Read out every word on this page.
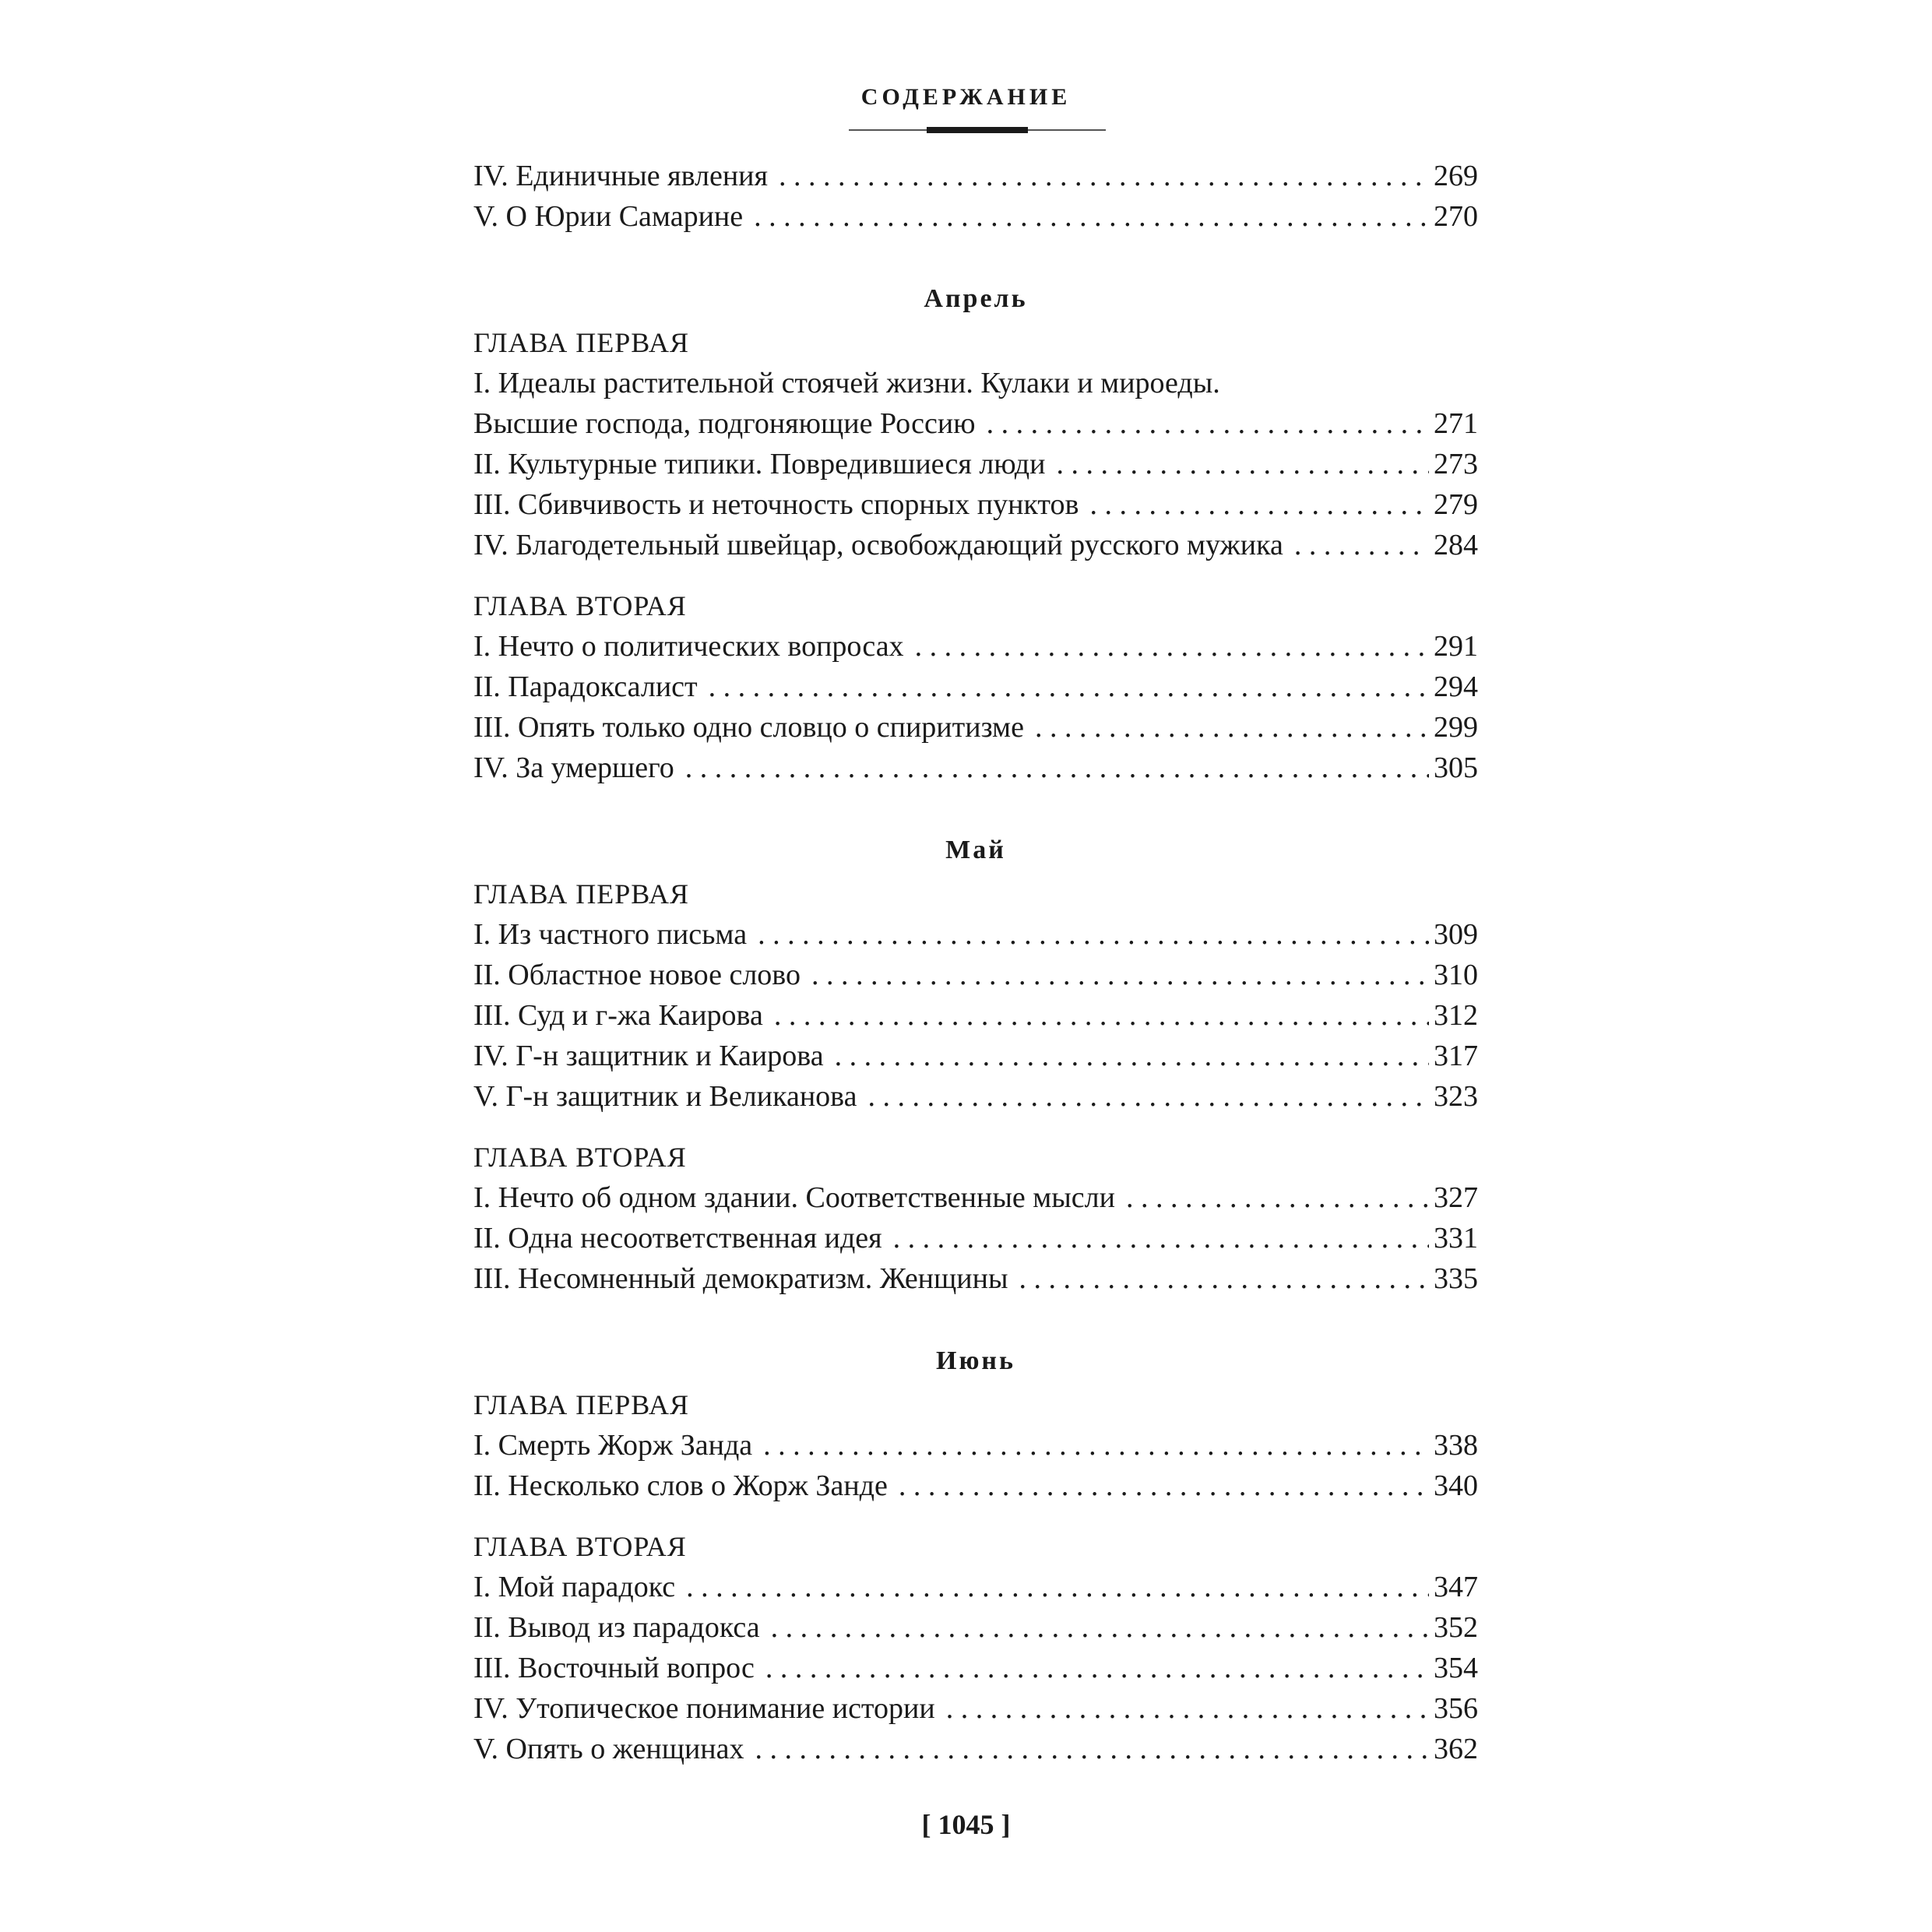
СОДЕРЖАНИЕ
IV. Единичные явления . . .	269
V. О Юрии Самарине . . .	270
Апрель
ГЛАВА ПЕРВАЯ
I. Идеалы растительной стоячей жизни. Кулаки и мироеды.
Высшие господа, подгоняющие Россию . . .	271
II. Культурные типики. Повредившиеся люди . . .	273
III. Сбивчивость и неточность спорных пунктов . . .	279
IV. Благодетельный швейцар, освобождающий русского мужика . . .	284
ГЛАВА ВТОРАЯ
I. Нечто о политических вопросах . . .	291
II. Парадоксалист . . .	294
III. Опять только одно словцо о спиритизме . . .	299
IV. За умершего . . .	305
Май
ГЛАВА ПЕРВАЯ
I. Из частного письма . . .	309
II. Областное новое слово . . .	310
III. Суд и г-жа Каирова . . .	312
IV. Г-н защитник и Каирова . . .	317
V. Г-н защитник и Великанова . . .	323
ГЛАВА ВТОРАЯ
I. Нечто об одном здании. Соответственные мысли . . .	327
II. Одна несоответственная идея . . .	331
III. Несомненный демократизм. Женщины . . .	335
Июнь
ГЛАВА ПЕРВАЯ
I. Смерть Жорж Занда . . .	338
II. Несколько слов о Жорж Занде . . .	340
ГЛАВА ВТОРАЯ
I. Мой парадокс . . .	347
II. Вывод из парадокса . . .	352
III. Восточный вопрос . . .	354
IV. Утопическое понимание истории . . .	356
V. Опять о женщинах . . .	362
[ 1045 ]
